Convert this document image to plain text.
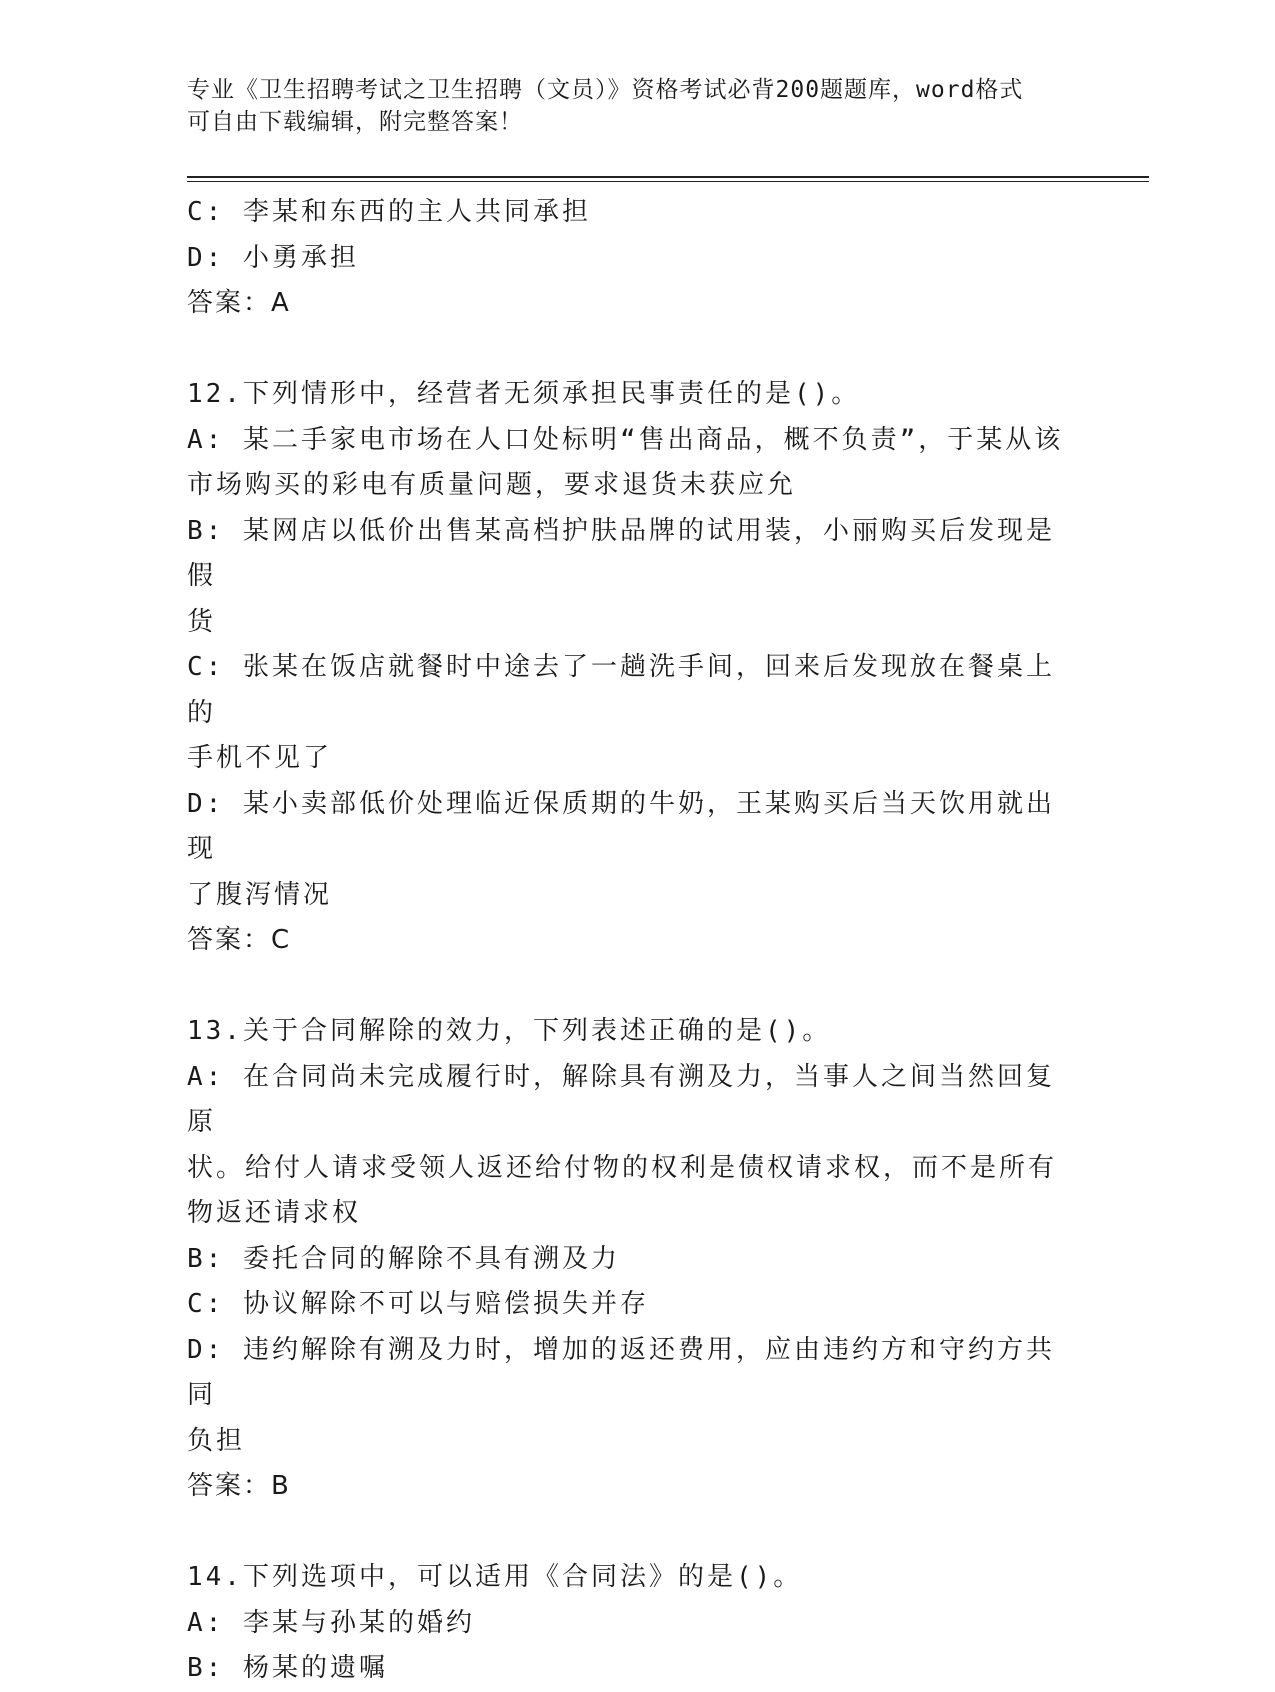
专业《卫生招聘考试之卫生招聘（文员）》资格考试必背200题题库，word格式
可自由下载编辑，附完整答案！

C: 李某和东西的主人共同承担

D: 小勇承担

答案：A

12.下列情形中，经营者无须承担民事责任的是()。

A: 某二手家电市场在人口处标明“售出商品，概不负责”，于某从该

市场购买的彩电有质量问题，要求退货未获应允

B: 某网店以低价出售某高档护肤品牌的试用装，小丽购买后发现是假

货

C: 张某在饭店就餐时中途去了一趟洗手间，回来后发现放在餐桌上的

手机不见了

D: 某小卖部低价处理临近保质期的牛奶，王某购买后当天饮用就出现

了腹泻情况

答案：C

13.关于合同解除的效力，下列表述正确的是()。

A: 在合同尚未完成履行时，解除具有溯及力，当事人之间当然回复原

状。给付人请求受领人返还给付物的权利是债权请求权，而不是所有

物返还请求权

B: 委托合同的解除不具有溯及力

C: 协议解除不可以与赔偿损失并存

D: 违约解除有溯及力时，增加的返还费用，应由违约方和守约方共同

负担

答案：B

14.下列选项中，可以适用《合同法》的是()。

A: 李某与孙某的婚约

B: 杨某的遗嘱
